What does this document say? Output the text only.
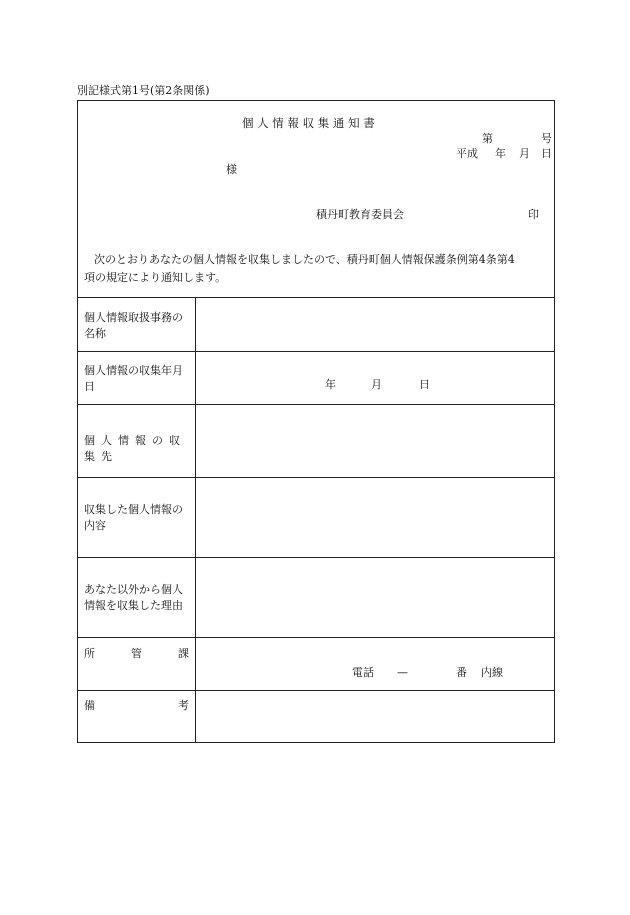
別記様式第1号(第2条関係)
個 人 情 報 収 集 通 知 書
第	号
平成 年 月 日
様
積丹町教育委員会	印
次のとおりあなたの個人情報を収集しましたので、積丹町個人情報保護条例第4条第4
項の規定により通知します。
個人情報取扱事務の名称
個人情報の収集年月日	年	月	日
個人情報の収集先
収集した個人情報の内容
あなた以外から個人情報を収集した理由
所	管	課
電話 —	番 内線
備	考
